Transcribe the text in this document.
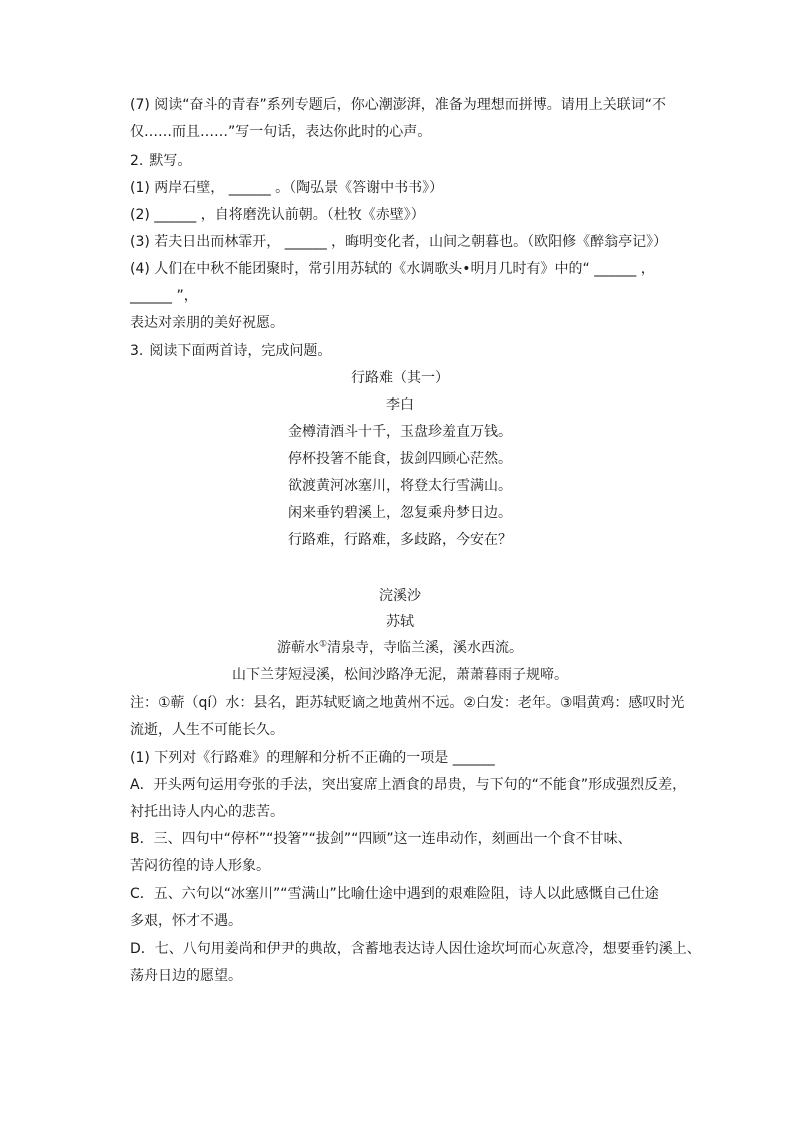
(7) 阅读“奋斗的青春”系列专题后，你心潮澎湃，准备为理想而拼博。请用上关联词“不
仅……而且……”写一句话，表达你此时的心声。
2. 默写。
(1) 两岸石壁， ______ 。（陶弘景《答谢中书书》）
(2) ______ ，自将磨洗认前朝。（杜牧《赤壁》）
(3) 若夫日出而林霏开， ______ ，晦明变化者，山间之朝暮也。（欧阳修《醉翁亭记》）
(4) 人们在中秋不能团聚时，常引用苏轼的《水调歌头•明月几时有》中的“ ______ ，
______ ”，
表达对亲朋的美好祝愿。
3. 阅读下面两首诗，完成问题。
行路难（其一）
李白
金樽清酒斗十千，玉盘珍羞直万钱。
停杯投箸不能食，拔剑四顾心茫然。
欲渡黄河冰塞川，将登太行雪满山。
闲来垂钓碧溪上，忽复乘舟梦日边。
行路难，行路难，多歧路，今安在？
浣溪沙
苏轼
游蕲水①清泉寺，寺临兰溪，溪水西流。
山下兰芽短浸溪，松间沙路净无泥，萧萧暮雨子规啼。
注：①蕲（qí）水：县名，距苏轼贬谪之地黄州不远。②白发：老年。③唱黄鸡：感叹时光
流逝，人生不可能长久。
(1) 下列对《行路难》的理解和分析不正确的一项是 ______
A．开头两句运用夸张的手法，突出宴席上酒食的昂贵，与下句的“不能食”形成强烈反差，
衬托出诗人内心的悲苦。
B．三、四句中“停杯”“投箸”“拔剑”“四顾”这一连串动作，刻画出一个食不甘味、
苦闷彷徨的诗人形象。
C．五、六句以“冰塞川”“雪满山”比喻仕途中遇到的艰难险阻，诗人以此感慨自己仕途
多艰，怀才不遇。
D．七、八句用姜尚和伊尹的典故，含蓄地表达诗人因仕途坎坷而心灰意冷，想要垂钓溪上、
荡舟日边的愿望。
